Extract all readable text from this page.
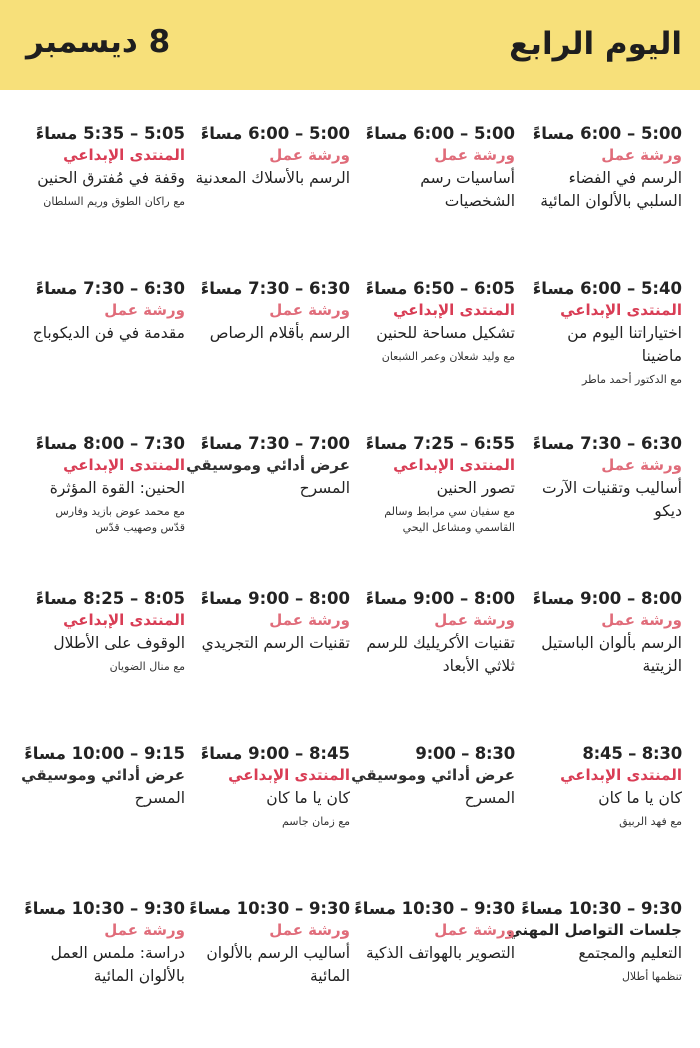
اليوم الرابع
8 ديسمبر
5:00 – 6:00 مساءً
ورشة عمل
الرسم في الفضاء السلبي بالألوان المائية
5:00 – 6:00 مساءً
ورشة عمل
أساسيات رسم الشخصيات
5:00 – 6:00 مساءً
ورشة عمل
الرسم بالأسلاك المعدنية
5:05 – 5:35 مساءً
المنتدى الإبداعي
وقفة في مُفترق الحنين
مع راكان الطوق وريم السلطان
5:40 – 6:00 مساءً
المنتدى الإبداعي
اختياراتنا اليوم من ماضينا
مع الدكتور أحمد ماطر
6:05 – 6:50 مساءً
المنتدى الإبداعي
تشكيل مساحة للحنين
مع وليد شعلان وعمر الشبعان
6:30 – 7:30 مساءً
ورشة عمل
الرسم بأقلام الرصاص
6:30 – 7:30 مساءً
ورشة عمل
مقدمة في فن الديكوباج
6:30 – 7:30 مساءً
ورشة عمل
أساليب وتقنيات الآرت ديكو
6:55 – 7:25 مساءً
المنتدى الإبداعي
تصور الحنين
مع سفيان سي مرابط وسالم القاسمي ومشاعل اليحي
7:00 – 7:30 مساءً
عرض أدائي وموسيقي
المسرح
7:30 – 8:00 مساءً
المنتدى الإبداعي
الحنين: القوة المؤثرة
مع محمد عوض بازيد وفارس قدّس وصهيب قدّس
8:00 – 9:00 مساءً
ورشة عمل
الرسم بألوان الباستيل الزيتية
8:00 – 9:00 مساءً
ورشة عمل
تقنيات الأكريليك للرسم ثلاثي الأبعاد
8:00 – 9:00 مساءً
ورشة عمل
تقنيات الرسم التجريدي
8:05 – 8:25 مساءً
المنتدى الإبداعي
الوقوف على الأطلال
مع منال الضويان
8:30 – 8:45
المنتدى الإبداعي
كان يا ما كان
مع فهد الربيق
8:30 – 9:00
عرض أدائي وموسيقي
المسرح
8:45 – 9:00 مساءً
المنتدى الإبداعي
كان يا ما كان
مع زمان جاسم
9:15 – 10:00 مساءً
عرض أدائي وموسيقي
المسرح
9:30 – 10:30 مساءً
جلسات التواصل المهني
التعليم والمجتمع
تنظمها أطلال
9:30 – 10:30 مساءً
ورشة عمل
التصوير بالهواتف الذكية
9:30 – 10:30 مساءً
ورشة عمل
أساليب الرسم بالألوان المائية
9:30 – 10:30 مساءً
ورشة عمل
دراسة: ملمس العمل بالألوان المائية
